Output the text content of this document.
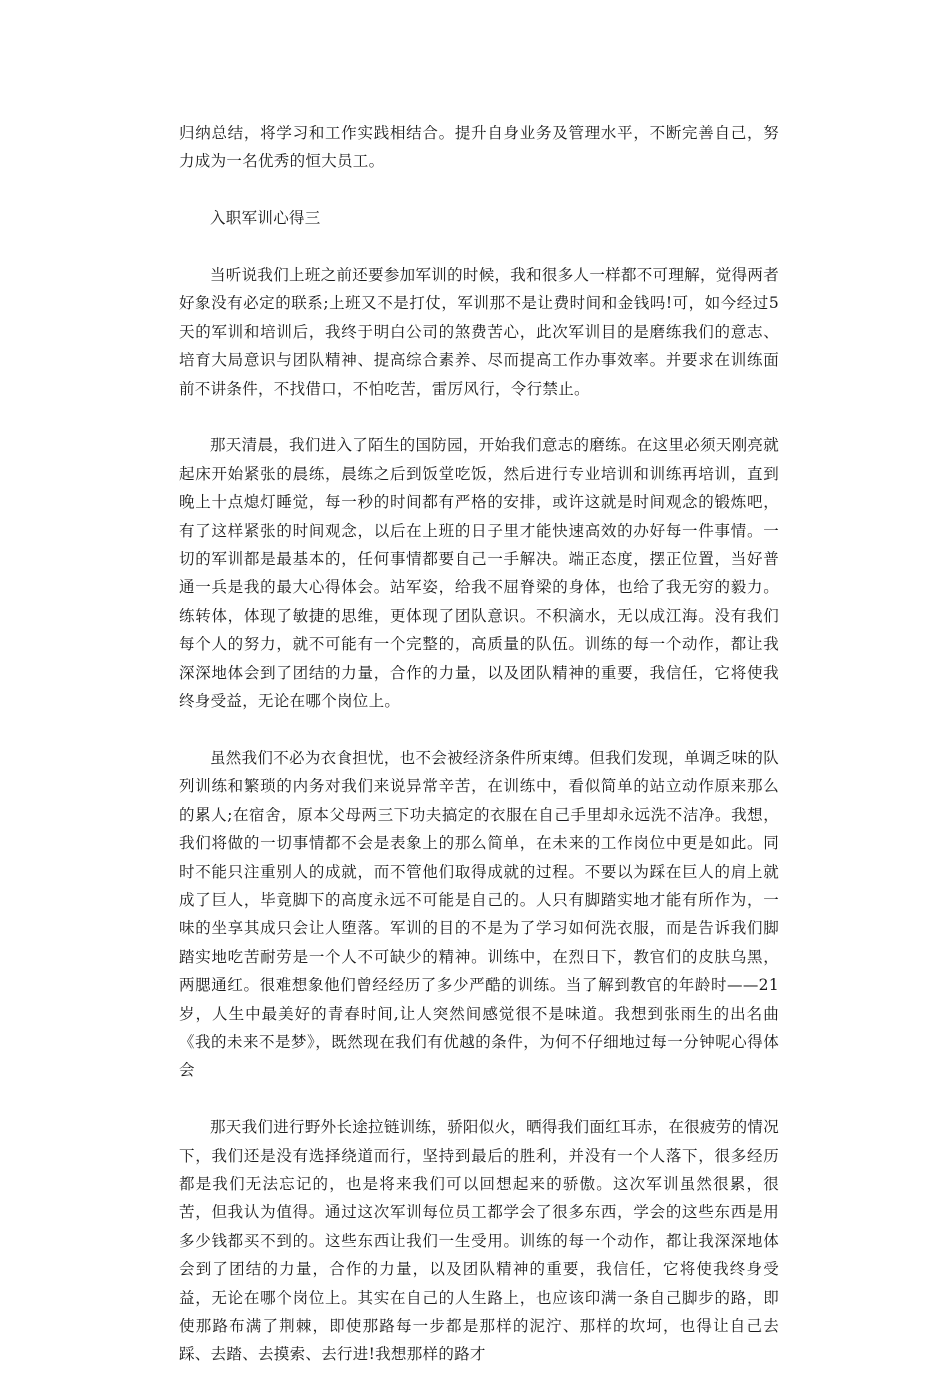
归纳总结，将学习和工作实践相结合。提升自身业务及管理水平，不断完善自己，努力成为一名优秀的恒大员工。

入职军训心得三

当听说我们上班之前还要参加军训的时候，我和很多人一样都不可理解，觉得两者好象没有必定的联系;上班又不是打仗，军训那不是让费时间和金钱吗!可，如今经过5天的军训和培训后，我终于明白公司的煞费苦心，此次军训目的是磨练我们的意志、培育大局意识与团队精神、提高综合素养、尽而提高工作办事效率。并要求在训练面前不讲条件，不找借口，不怕吃苦，雷厉风行，令行禁止。

那天清晨，我们进入了陌生的国防园，开始我们意志的磨练。在这里必须天刚亮就起床开始紧张的晨练，晨练之后到饭堂吃饭，然后进行专业培训和训练再培训，直到晚上十点熄灯睡觉，每一秒的时间都有严格的安排，或许这就是时间观念的锻炼吧，有了这样紧张的时间观念，以后在上班的日子里才能快速高效的办好每一件事情。一切的军训都是最基本的，任何事情都要自己一手解决。端正态度，摆正位置，当好普通一兵是我的最大心得体会。站军姿，给我不屈脊梁的身体，也给了我无穷的毅力。练转体，体现了敏捷的思维，更体现了团队意识。不积滴水，无以成江海。没有我们每个人的努力，就不可能有一个完整的，高质量的队伍。训练的每一个动作，都让我深深地体会到了团结的力量，合作的力量，以及团队精神的重要，我信任，它将使我终身受益，无论在哪个岗位上。

虽然我们不必为衣食担忧，也不会被经济条件所束缚。但我们发现，单调乏味的队列训练和繁琐的内务对我们来说异常辛苦，在训练中，看似简单的站立动作原来那么的累人;在宿舍，原本父母两三下功夫搞定的衣服在自己手里却永远洗不洁净。我想，我们将做的一切事情都不会是表象上的那么简单，在未来的工作岗位中更是如此。同时不能只注重别人的成就，而不管他们取得成就的过程。不要以为踩在巨人的肩上就成了巨人，毕竟脚下的高度永远不可能是自己的。人只有脚踏实地才能有所作为，一味的坐享其成只会让人堕落。军训的目的不是为了学习如何洗衣服，而是告诉我们脚踏实地吃苦耐劳是一个人不可缺少的精神。训练中，在烈日下，教官们的皮肤乌黑，两腮通红。很难想象他们曾经经历了多少严酷的训练。当了解到教官的年龄时——21岁，人生中最美好的青春时间,让人突然间感觉很不是味道。我想到张雨生的出名曲《我的未来不是梦》，既然现在我们有优越的条件，为何不仔细地过每一分钟呢心得体会

那天我们进行野外长途拉链训练，骄阳似火，晒得我们面红耳赤，在很疲劳的情况下，我们还是没有选择绕道而行，坚持到最后的胜利，并没有一个人落下，很多经历都是我们无法忘记的，也是将来我们可以回想起来的骄傲。这次军训虽然很累，很苦，但我认为值得。通过这次军训每位员工都学会了很多东西，学会的这些东西是用多少钱都买不到的。这些东西让我们一生受用。训练的每一个动作，都让我深深地体会到了团结的力量，合作的力量，以及团队精神的重要，我信任，它将使我终身受益，无论在哪个岗位上。其实在自己的人生路上，也应该印满一条自己脚步的路，即使那路布满了荆棘，即使那路每一步都是那样的泥泞、那样的坎坷，也得让自己去踩、去踏、去摸索、去行进!我想那样的路才
